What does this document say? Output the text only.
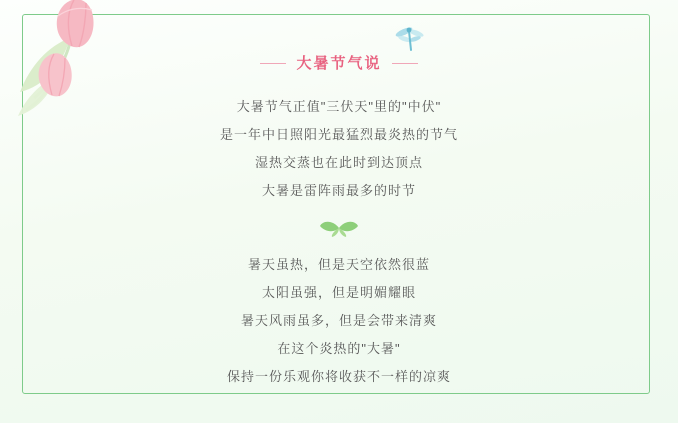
大暑节气说
大暑节气正值"三伏天"里的"中伏"
是一年中日照阳光最猛烈最炎热的节气
湿热交蒸也在此时到达顶点
大暑是雷阵雨最多的时节
暑天虽热，但是天空依然很蓝
太阳虽强，但是明媚耀眼
暑天风雨虽多，但是会带来清爽
在这个炎热的"大暑"
保持一份乐观你将收获不一样的凉爽
